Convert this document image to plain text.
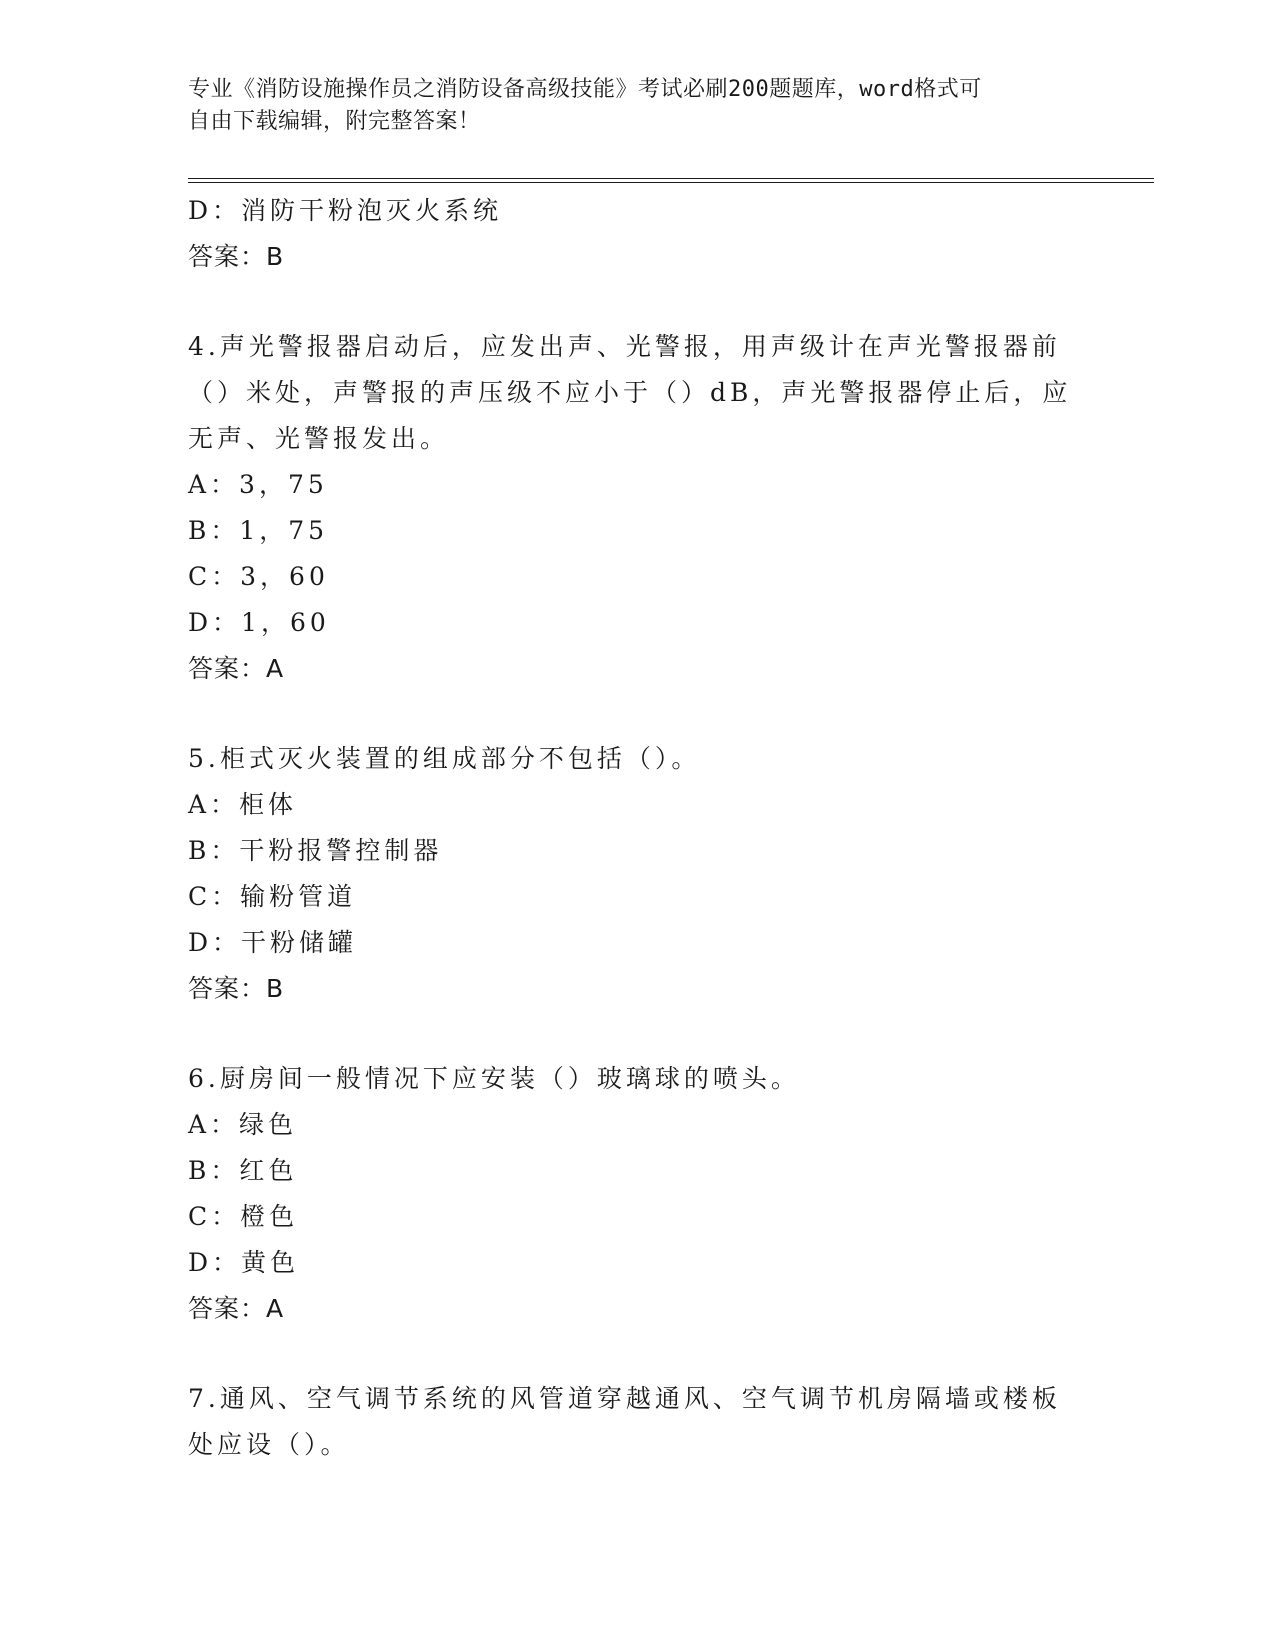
专业《消防设施操作员之消防设备高级技能》考试必刷200题题库，word格式可
自由下载编辑，附完整答案！
D：消防干粉泡灭火系统
答案：B
4.声光警报器启动后，应发出声、光警报，用声级计在声光警报器前
（）米处，声警报的声压级不应小于（）dB，声光警报器停止后，应
无声、光警报发出。
A：3，75
B：1，75
C：3，60
D：1，60
答案：A
5.柜式灭火装置的组成部分不包括（）。
A：柜体
B：干粉报警控制器
C：输粉管道
D：干粉储罐
答案：B
6.厨房间一般情况下应安装（）玻璃球的喷头。
A：绿色
B：红色
C：橙色
D：黄色
答案：A
7.通风、空气调节系统的风管道穿越通风、空气调节机房隔墙或楼板
处应设（）。
